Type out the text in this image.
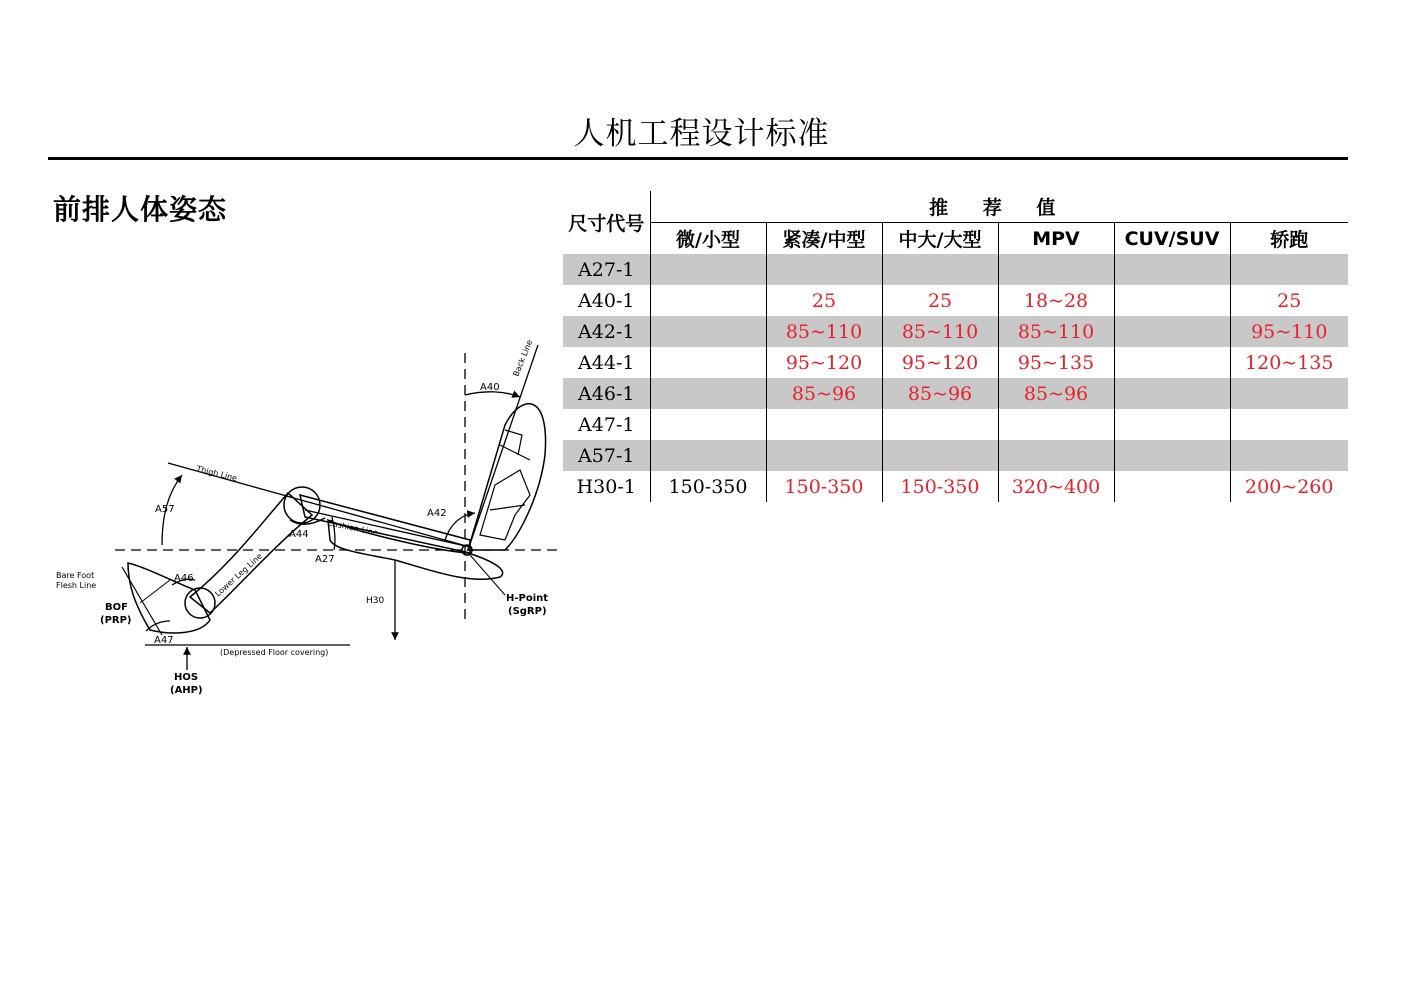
人机工程设计标准
前排人体姿态	尺寸代号	推 荐 值					
	微/小型	紧凑/中型	中大/大型	MPV	CUV/SUV	轿跑
A27-1						
A40-1		25	25	18~28		25
A42-1		85~110	85~110	85~110		95~110
A44-1		95~120	95~120	95~135		120~135
A46-1		85~96	85~96	85~96		
A47-1						
A57-1						
H30-1	150-350	150-350	150-350	320~400		200~260
A40
Back Line
Thigh Line
A57	A42
A44 Cushion Line
A27
Bare Foot
Flesh Line
A46 Lower Leg Line
BOF
(PRP)
H30	H-Point
(SgRP)
A47
(Depressed Floor covering)
HOS
(AHP)
